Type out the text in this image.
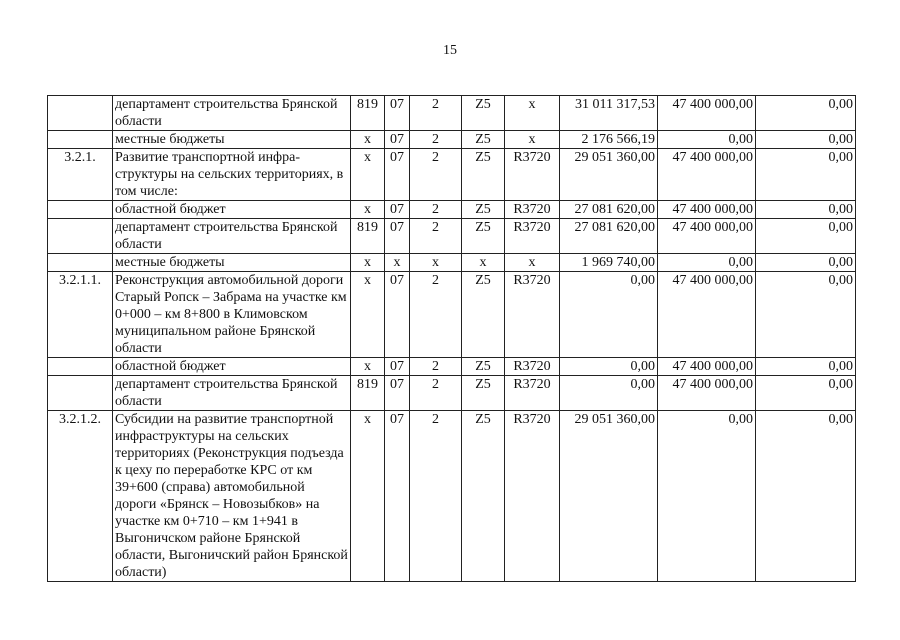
15
	департамент строительства Брянской области	819	07	2	Z5	x	31 011 317,53	47 400 000,00	0,00
	местные бюджеты	x	07	2	Z5	x	2 176 566,19	0,00	0,00
3.2.1.	Развитие транспортной инфра-структуры на сельских территориях, в том числе:	x	07	2	Z5	R3720	29 051 360,00	47 400 000,00	0,00
	областной бюджет	x	07	2	Z5	R3720	27 081 620,00	47 400 000,00	0,00
	департамент строительства Брянской области	819	07	2	Z5	R3720	27 081 620,00	47 400 000,00	0,00
	местные бюджеты	x	x	x	x	x	1 969 740,00	0,00	0,00
3.2.1.1.	Реконструкция автомобильной дороги Старый Ропск – Забрама на участке км 0+000 – км 8+800 в Климовском муниципальном районе Брянской области	x	07	2	Z5	R3720	0,00	47 400 000,00	0,00
	областной бюджет	x	07	2	Z5	R3720	0,00	47 400 000,00	0,00
	департамент строительства Брянской области	819	07	2	Z5	R3720	0,00	47 400 000,00	0,00
3.2.1.2.	Субсидии на развитие транспортной инфраструктуры на сельских территориях (Реконструкция подъезда к цеху по переработке КРС от км 39+600 (справа) автомобильной дороги «Брянск – Новозыбков» на участке км 0+710 – км 1+941 в Выгоничском районе Брянской области, Выгоничский район Брянской области)	x	07	2	Z5	R3720	29 051 360,00	0,00	0,00
